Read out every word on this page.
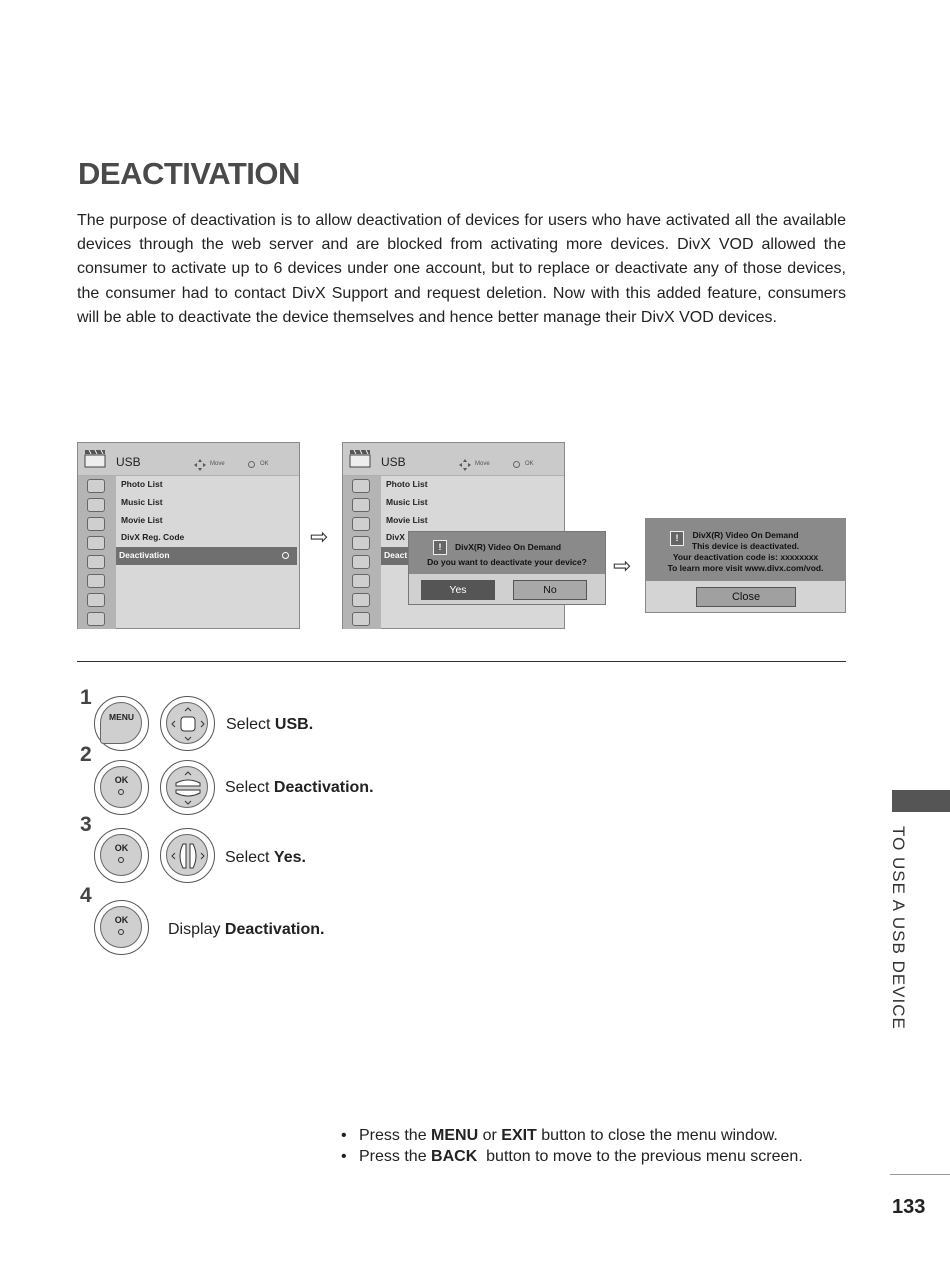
DEACTIVATION

The purpose of deactivation is to allow deactivation of devices for users who have activated all the available devices through the web server and are blocked from activating more devices. DivX VOD allowed the consumer to activate up to 6 devices under one account, but to replace or deactivate any of those devices, the consumer had to contact DivX Support and request deletion. Now with this added feature, consumers will be able to deactivate the device themselves and hence better manage their DivX VOD devices.

USB	Move	OK
Photo List
Music List
Movie List
DivX Reg. Code
Deactivation
⇨
USB	Move	OK
Photo List
Music List
Movie List
DivX
Deact
!	DivX(R) Video On Demand
Do you want to deactivate your device?
Yes	No
⇨
!	DivX(R) Video On Demand
This device is deactivated.
Your deactivation code is: xxxxxxxx
To learn more visit www.divx.com/vod.
Close
1
MENU	Select USB.
2
OK	Select Deactivation.
3
OK
Select Yes.
4
OK
Display Deactivation.	TO USE A USB DEVICE
• Press the MENU or EXIT button to close the menu window.
• Press the BACK  button to move to the previous menu screen.
133
